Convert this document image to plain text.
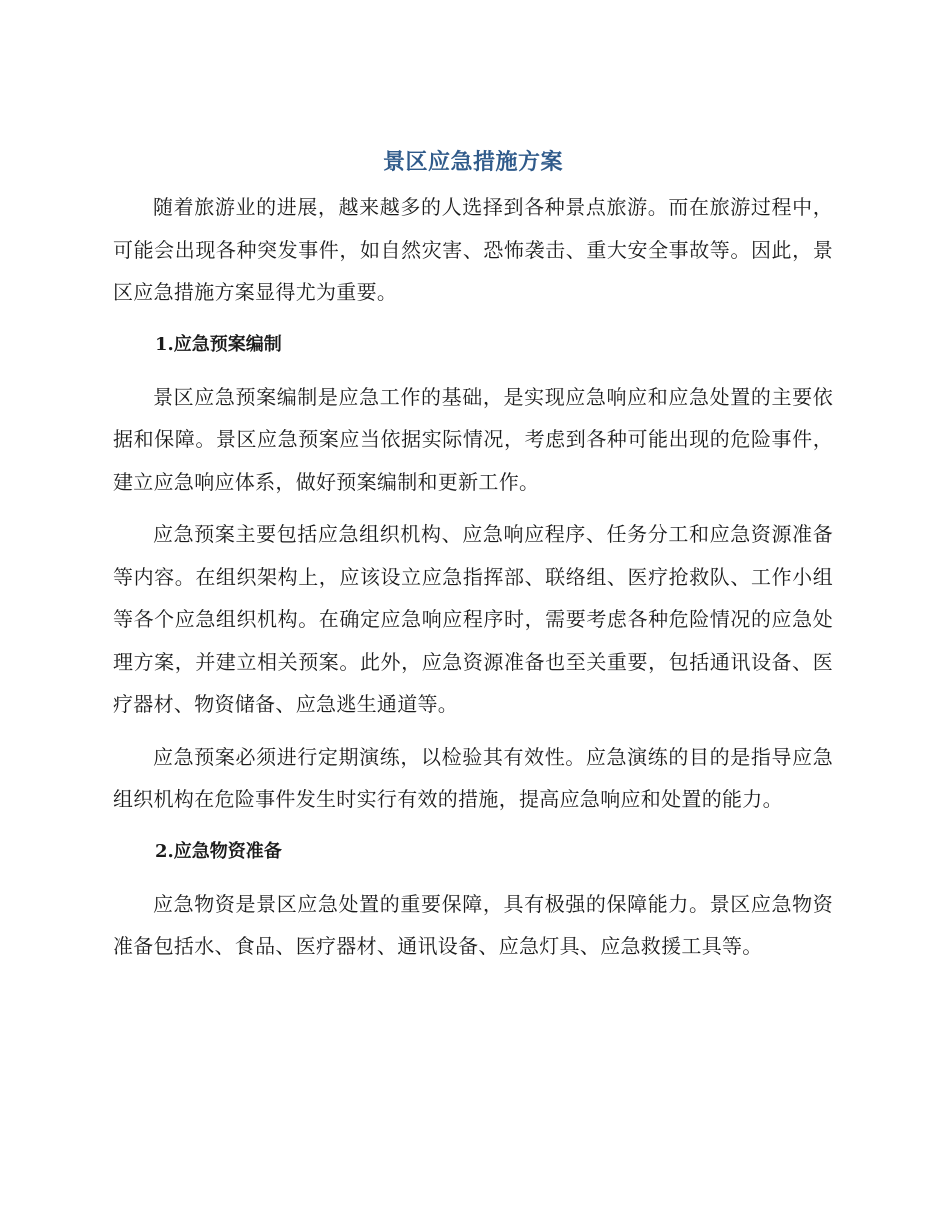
景区应急措施方案

随着旅游业的进展，越来越多的人选择到各种景点旅游。而在旅游过程中，可能会出现各种突发事件，如自然灾害、恐怖袭击、重大安全事故等。因此，景区应急措施方案显得尤为重要。

1.应急预案编制

景区应急预案编制是应急工作的基础，是实现应急响应和应急处置的主要依据和保障。景区应急预案应当依据实际情况，考虑到各种可能出现的危险事件，建立应急响应体系，做好预案编制和更新工作。

应急预案主要包括应急组织机构、应急响应程序、任务分工和应急资源准备等内容。在组织架构上，应该设立应急指挥部、联络组、医疗抢救队、工作小组等各个应急组织机构。在确定应急响应程序时，需要考虑各种危险情况的应急处理方案，并建立相关预案。此外，应急资源准备也至关重要，包括通讯设备、医疗器材、物资储备、应急逃生通道等。

应急预案必须进行定期演练，以检验其有效性。应急演练的目的是指导应急组织机构在危险事件发生时实行有效的措施，提高应急响应和处置的能力。

2.应急物资准备

应急物资是景区应急处置的重要保障，具有极强的保障能力。景区应急物资准备包括水、食品、医疗器材、通讯设备、应急灯具、应急救援工具等。
